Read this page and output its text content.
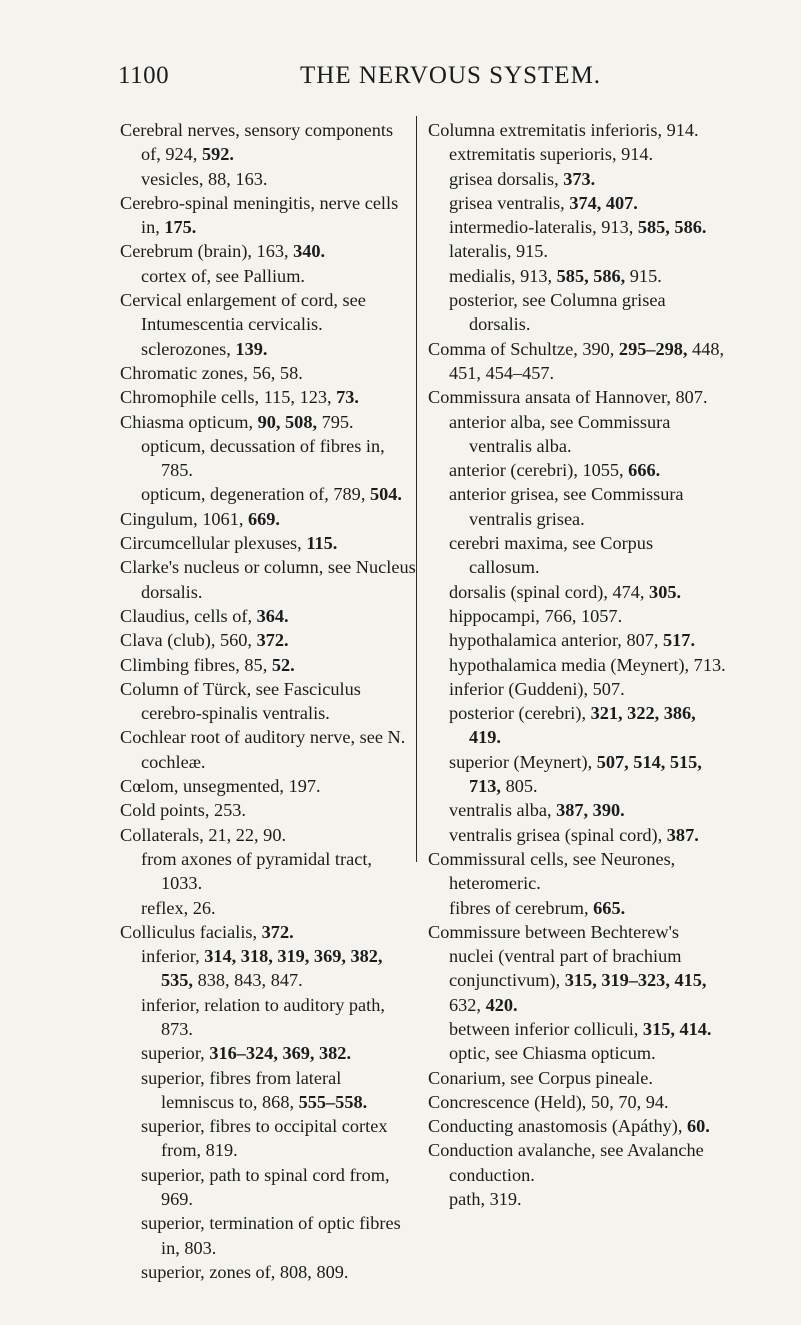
1100	THE NERVOUS SYSTEM.
Cerebral nerves, sensory components of, 924, 592.
vesicles, 88, 163.
Cerebro-spinal meningitis, nerve cells in, 175.
Cerebrum (brain), 163, 340.
cortex of, see Pallium.
Cervical enlargement of cord, see Intumescentia cervicalis.
sclerozones, 139.
Chromatic zones, 56, 58.
Chromophile cells, 115, 123, 73.
Chiasma opticum, 90, 508, 795.
opticum, decussation of fibres in, 785.
opticum, degeneration of, 789, 504.
Cingulum, 1061, 669.
Circumcellular plexuses, 115.
Clarke's nucleus or column, see Nucleus dorsalis.
Claudius, cells of, 364.
Clava (club), 560, 372.
Climbing fibres, 85, 52.
Column of Türck, see Fasciculus cerebro-spinalis ventralis.
Cochlear root of auditory nerve, see N. cochleæ.
Cœlom, unsegmented, 197.
Cold points, 253.
Collaterals, 21, 22, 90.
from axones of pyramidal tract, 1033.
reflex, 26.
Colliculus facialis, 372.
inferior, 314, 318, 319, 369, 382, 535, 838, 843, 847.
inferior, relation to auditory path, 873.
superior, 316–324, 369, 382.
superior, fibres from lateral lemniscus to, 868, 555–558.
superior, fibres to occipital cortex from, 819.
superior, path to spinal cord from, 969.
superior, termination of optic fibres in, 803.
superior, zones of, 808, 809.
Columna extremitatis inferioris, 914.
extremitatis superioris, 914.
grisea dorsalis, 373.
grisea ventralis, 374, 407.
intermedio-lateralis, 913, 585, 586.
lateralis, 915.
medialis, 913, 585, 586, 915.
posterior, see Columna grisea dorsalis.
Comma of Schultze, 390, 295–298, 448, 451, 454–457.
Commissura ansata of Hannover, 807.
anterior alba, see Commissura ventralis alba.
anterior (cerebri), 1055, 666.
anterior grisea, see Commissura ventralis grisea.
cerebri maxima, see Corpus callosum.
dorsalis (spinal cord), 474, 305.
hippocampi, 766, 1057.
hypothalamica anterior, 807, 517.
hypothalamica media (Meynert), 713.
inferior (Guddeni), 507.
posterior (cerebri), 321, 322, 386, 419.
superior (Meynert), 507, 514, 515, 713, 805.
ventralis alba, 387, 390.
ventralis grisea (spinal cord), 387.
Commissural cells, see Neurones, heteromeric.
fibres of cerebrum, 665.
Commissure between Bechterew's nuclei (ventral part of brachium conjunctivum), 315, 319–323, 415, 632, 420.
between inferior colliculi, 315, 414.
optic, see Chiasma opticum.
Conarium, see Corpus pineale.
Concrescence (Held), 50, 70, 94.
Conducting anastomosis (Apáthy), 60.
Conduction avalanche, see Avalanche conduction.
path, 319.
